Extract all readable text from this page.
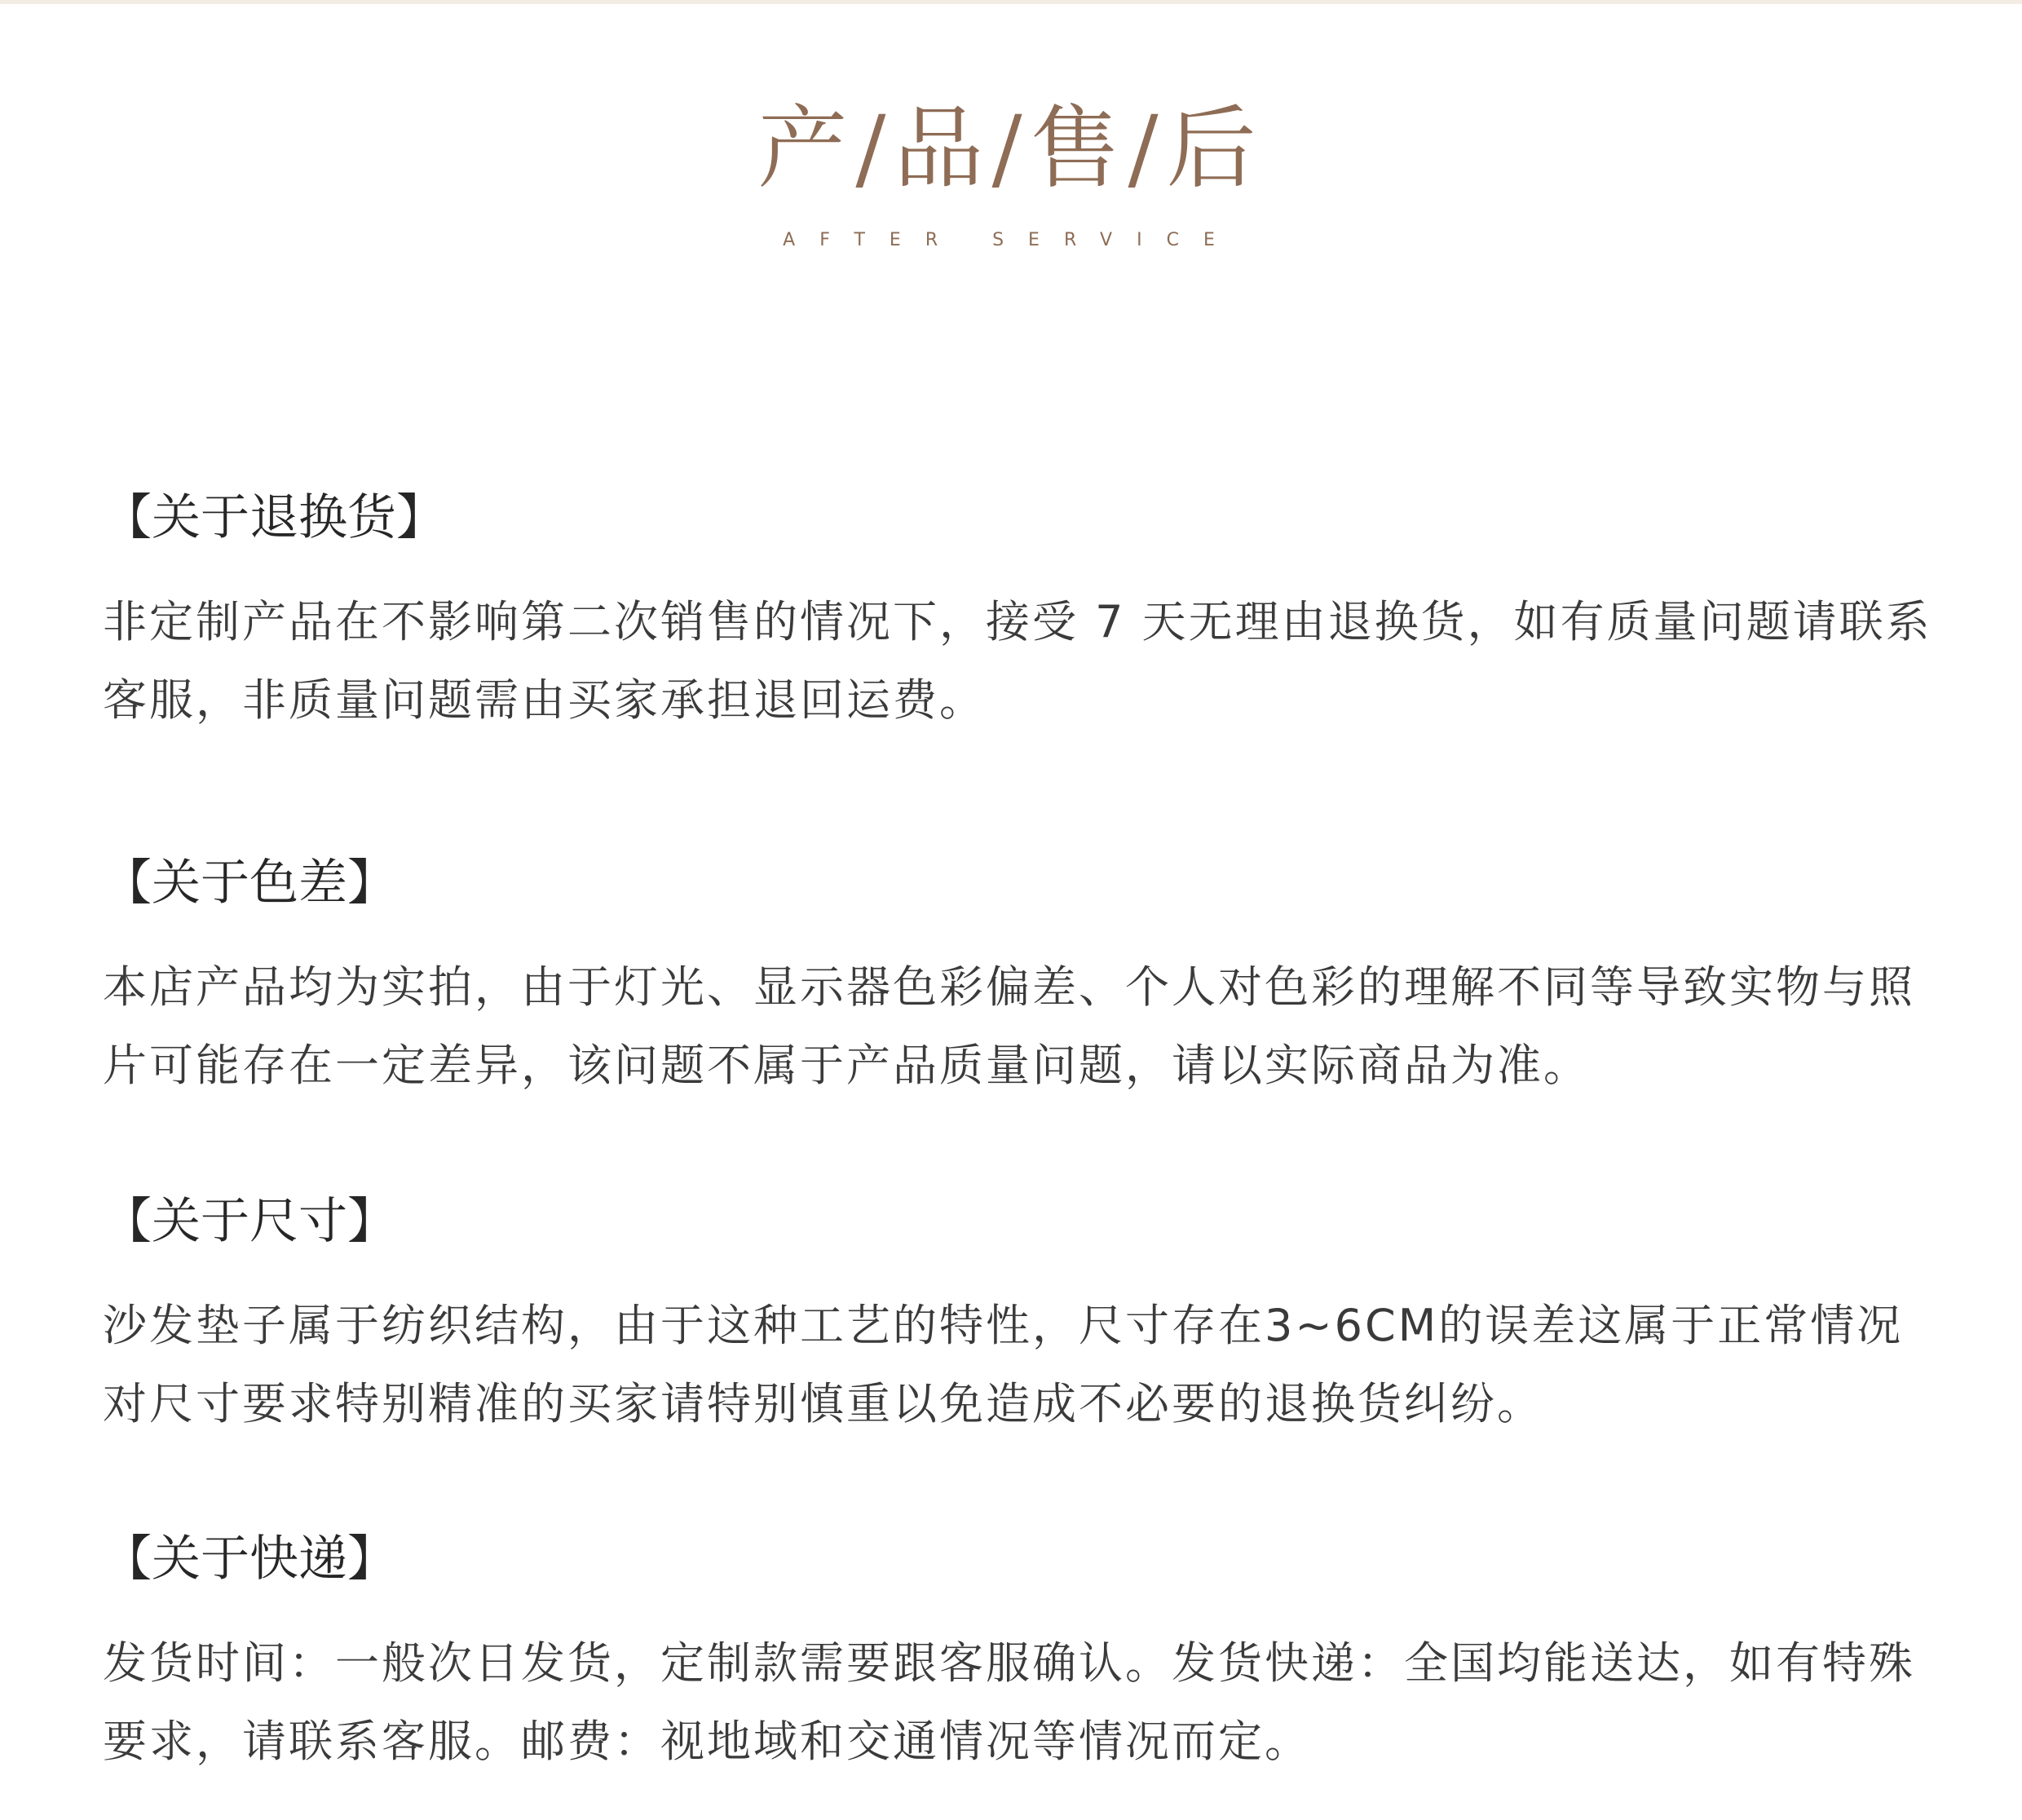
产/品/售/后

AFTER SERVICE

【关于退换货】

非定制产品在不影响第二次销售的情况下，接受 7 天无理由退换货，如有质量问题请联系客服，非质量问题需由买家承担退回运费。

【关于色差】

本店产品均为实拍，由于灯光、显示器色彩偏差、个人对色彩的理解不同等导致实物与照片可能存在一定差异，该问题不属于产品质量问题，请以实际商品为准。

【关于尺寸】

沙发垫子属于纺织结构，由于这种工艺的特性，尺寸存在3~6CM的误差这属于正常情况对尺寸要求特别精准的买家请特别慎重以免造成不必要的退换货纠纷。

【关于快递】

发货时间：一般次日发货，定制款需要跟客服确认。发货快递：全国均能送达，如有特殊要求，请联系客服。邮费：视地域和交通情况等情况而定。
